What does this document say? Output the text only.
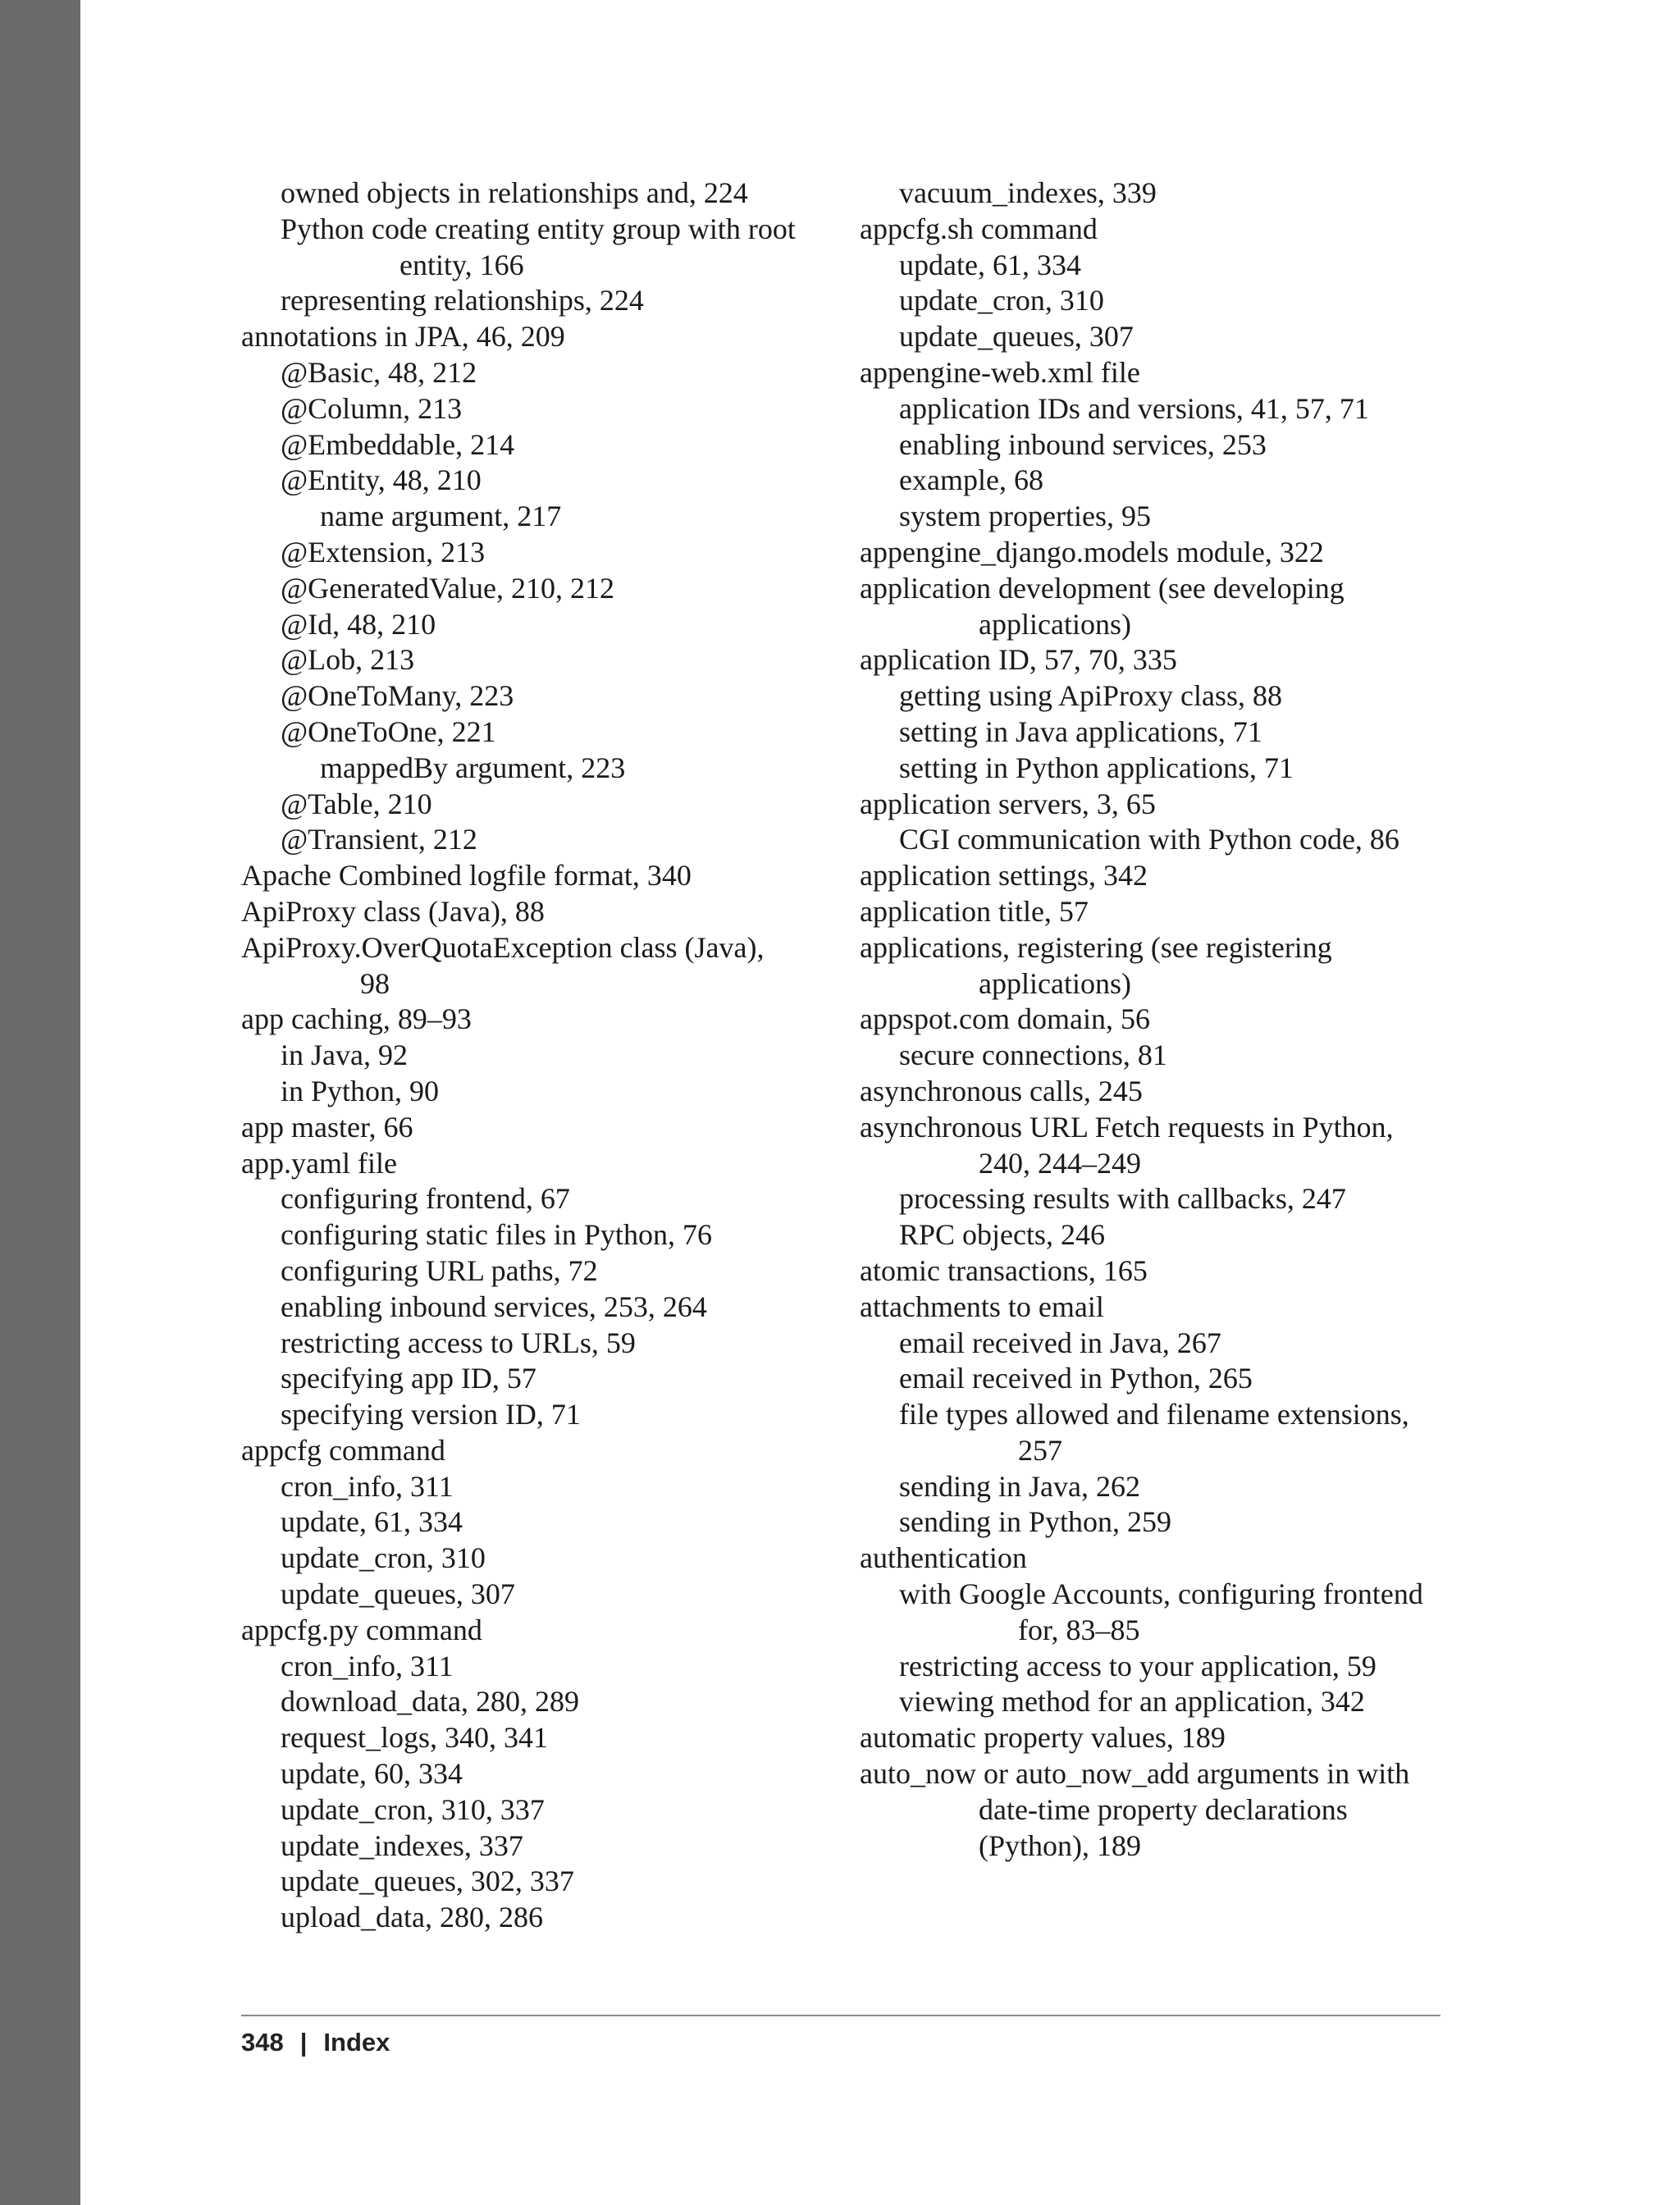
owned objects in relationships and, 224
Python code creating entity group with root
entity, 166
representing relationships, 224
annotations in JPA, 46, 209
@Basic, 48, 212
@Column, 213
@Embeddable, 214
@Entity, 48, 210
name argument, 217
@Extension, 213
@GeneratedValue, 210, 212
@Id, 48, 210
@Lob, 213
@OneToMany, 223
@OneToOne, 221
mappedBy argument, 223
@Table, 210
@Transient, 212
Apache Combined logfile format, 340
ApiProxy class (Java), 88
ApiProxy.OverQuotaException class (Java),
98
app caching, 89–93
in Java, 92
in Python, 90
app master, 66
app.yaml file
configuring frontend, 67
configuring static files in Python, 76
configuring URL paths, 72
enabling inbound services, 253, 264
restricting access to URLs, 59
specifying app ID, 57
specifying version ID, 71
appcfg command
cron_info, 311
update, 61, 334
update_cron, 310
update_queues, 307
appcfg.py command
cron_info, 311
download_data, 280, 289
request_logs, 340, 341
update, 60, 334
update_cron, 310, 337
update_indexes, 337
update_queues, 302, 337
upload_data, 280, 286
vacuum_indexes, 339
appcfg.sh command
update, 61, 334
update_cron, 310
update_queues, 307
appengine-web.xml file
application IDs and versions, 41, 57, 71
enabling inbound services, 253
example, 68
system properties, 95
appengine_django.models module, 322
application development (see developing
applications)
application ID, 57, 70, 335
getting using ApiProxy class, 88
setting in Java applications, 71
setting in Python applications, 71
application servers, 3, 65
CGI communication with Python code, 86
application settings, 342
application title, 57
applications, registering (see registering
applications)
appspot.com domain, 56
secure connections, 81
asynchronous calls, 245
asynchronous URL Fetch requests in Python,
240, 244–249
processing results with callbacks, 247
RPC objects, 246
atomic transactions, 165
attachments to email
email received in Java, 267
email received in Python, 265
file types allowed and filename extensions,
257
sending in Java, 262
sending in Python, 259
authentication
with Google Accounts, configuring frontend
for, 83–85
restricting access to your application, 59
viewing method for an application, 342
automatic property values, 189
auto_now or auto_now_add arguments in with
date-time property declarations
(Python), 189
348 | Index
